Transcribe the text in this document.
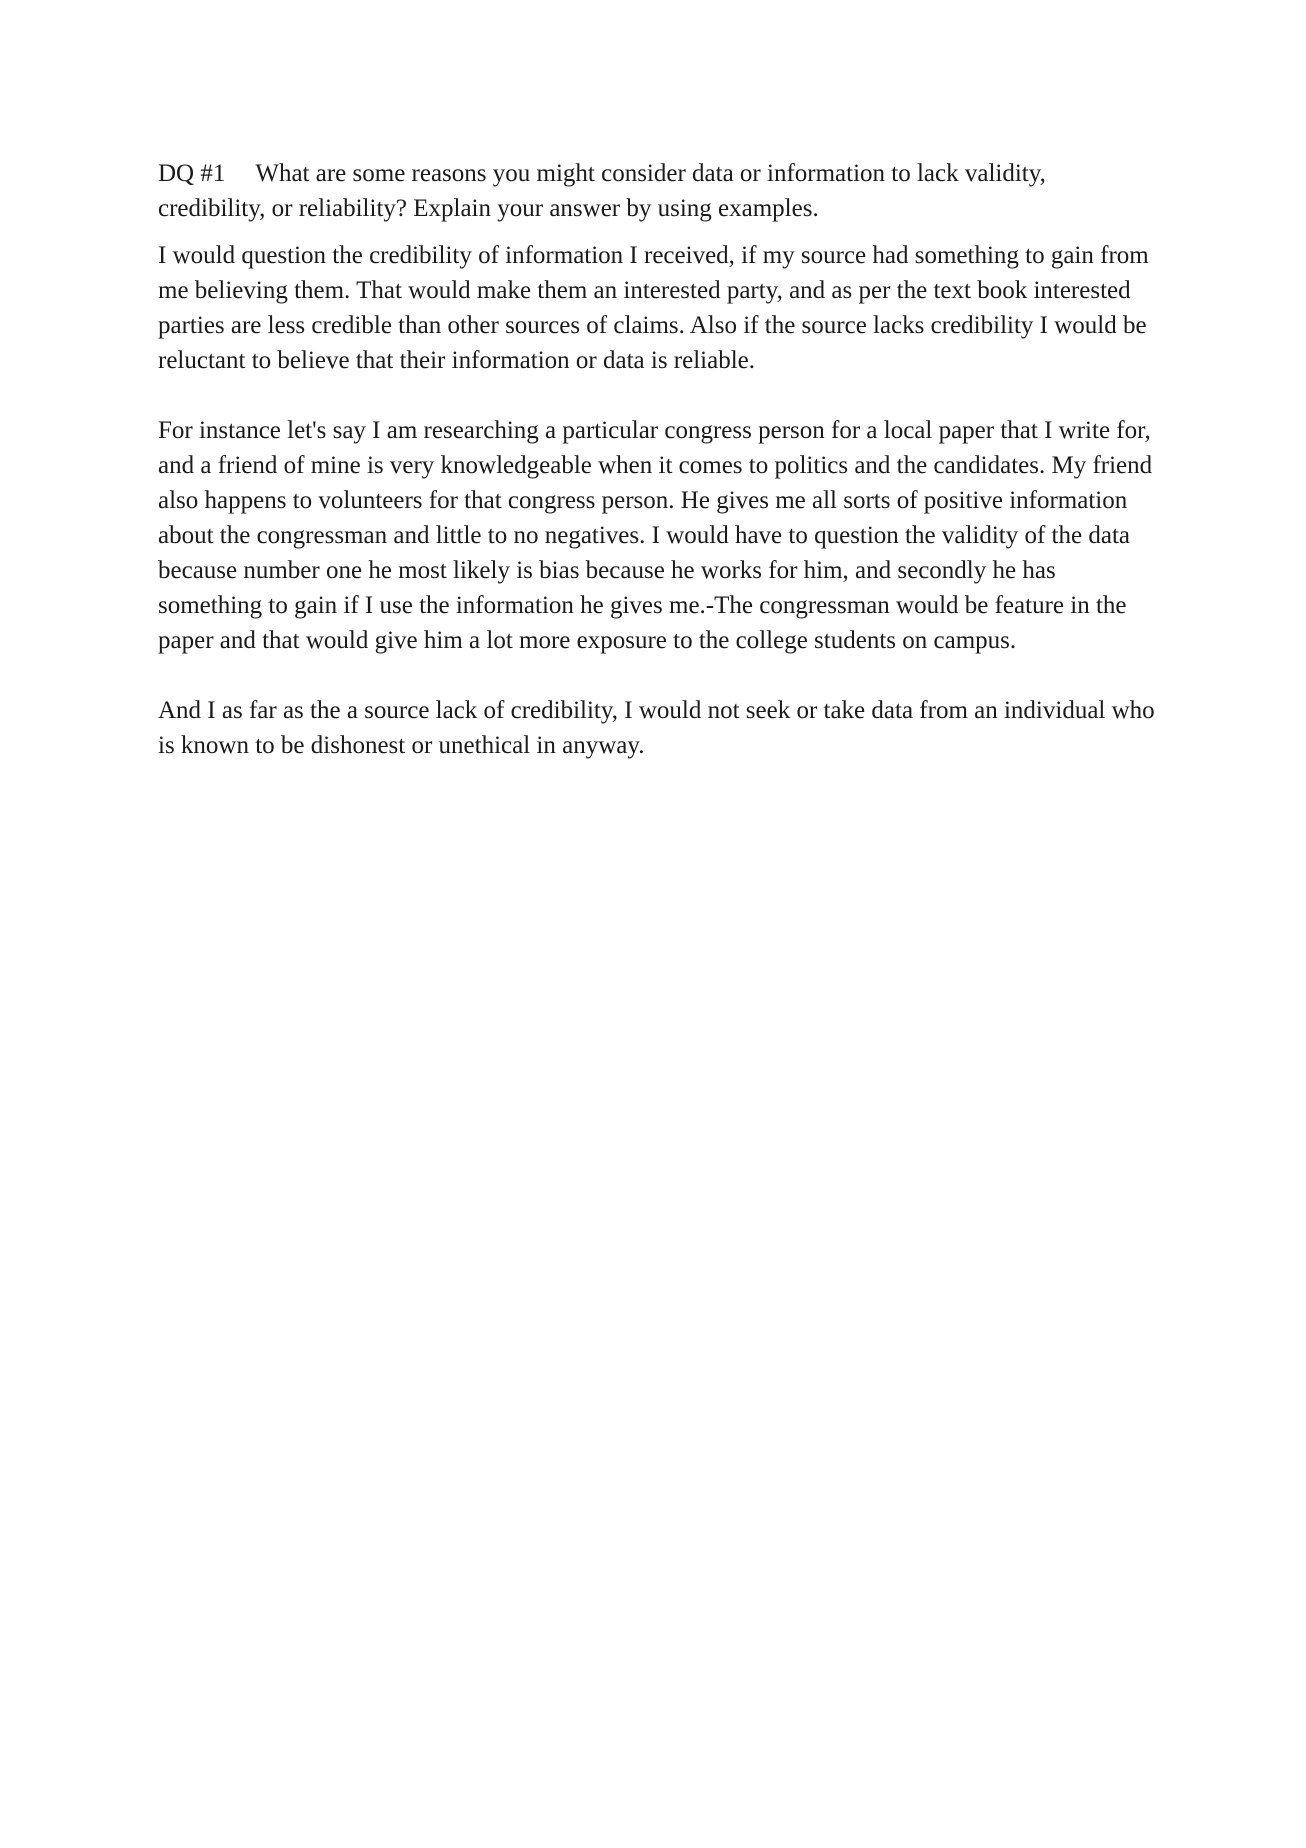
DQ #1 What are some reasons you might consider data or information to lack validity, credibility, or reliability? Explain your answer by using examples.

I would question the credibility of information I received, if my source had something to gain from me believing them. That would make them an interested party, and as per the text book interested parties are less credible than other sources of claims. Also if the source lacks credibility I would be reluctant to believe that their information or data is reliable.

For instance let's say I am researching a particular congress person for a local paper that I write for, and a friend of mine is very knowledgeable when it comes to politics and the candidates. My friend also happens to volunteers for that congress person. He gives me all sorts of positive information about the congressman and little to no negatives. I would have to question the validity of the data because number one he most likely is bias because he works for him, and secondly he has something to gain if I use the information he gives me.-The congressman would be feature in the paper and that would give him a lot more exposure to the college students on campus.

And I as far as the a source lack of credibility, I would not seek or take data from an individual who is known to be dishonest or unethical in anyway.
